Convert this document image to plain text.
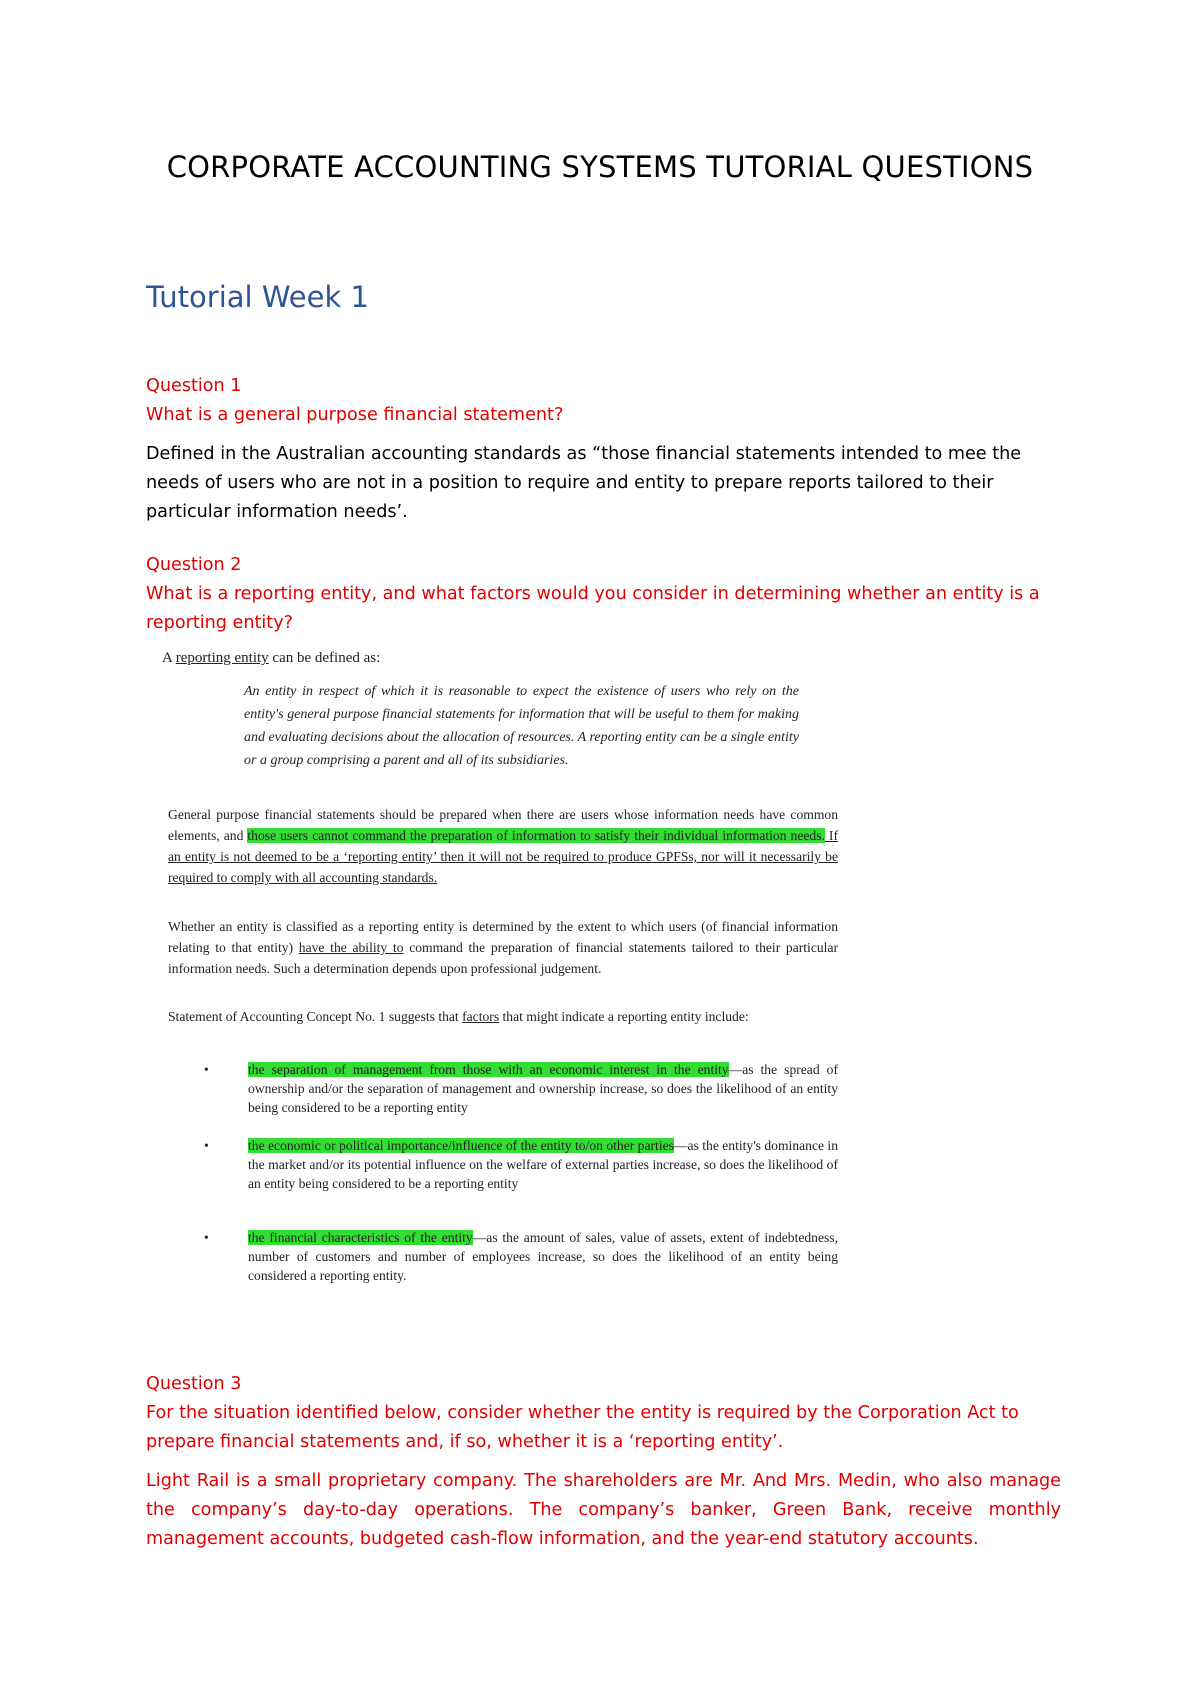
CORPORATE ACCOUNTING SYSTEMS TUTORIAL QUESTIONS
Tutorial Week 1
Question 1
What is a general purpose financial statement?
Defined in the Australian accounting standards as “those financial statements intended to mee the needs of users who are not in a position to require and entity to prepare reports tailored to their particular information needs’.
Question 2
What is a reporting entity, and what factors would you consider in determining whether an entity is a reporting entity?

A reporting entity can be defined as:

An entity in respect of which it is reasonable to expect the existence of users who rely on the entity's general purpose financial statements for information that will be useful to them for making and evaluating decisions about the allocation of resources. A reporting entity can be a single entity or a group comprising a parent and all of its subsidiaries.

General purpose financial statements should be prepared when there are users whose information needs have common elements, and those users cannot command the preparation of information to satisfy their individual information needs. If an entity is not deemed to be a ‘reporting entity’ then it will not be required to produce GPFSs, nor will it necessarily be required to comply with all accounting standards.

Whether an entity is classified as a reporting entity is determined by the extent to which users (of financial information relating to that entity) have the ability to command the preparation of financial statements tailored to their particular information needs. Such a determination depends upon professional judgement.

Statement of Accounting Concept No. 1 suggests that factors that might indicate a reporting entity include:

•	the separation of management from those with an economic interest in the entity—as the spread of ownership and/or the separation of management and ownership increase, so does the likelihood of an entity being considered to be a reporting entity
•	the economic or political importance/influence of the entity to/on other parties—as the entity's dominance in the market and/or its potential influence on the welfare of external parties increase, so does the likelihood of an entity being considered to be a reporting entity
•	the financial characteristics of the entity—as the amount of sales, value of assets, extent of indebtedness, number of customers and number of employees increase, so does the likelihood of an entity being considered a reporting entity.
Question 3
For the situation identified below, consider whether the entity is required by the Corporation Act to prepare financial statements and, if so, whether it is a ‘reporting entity’.
Light Rail is a small proprietary company. The shareholders are Mr. And Mrs. Medin, who also manage the company’s day-to-day operations. The company’s banker, Green Bank, receive monthly management accounts, budgeted cash-flow information, and the year-end statutory accounts.
